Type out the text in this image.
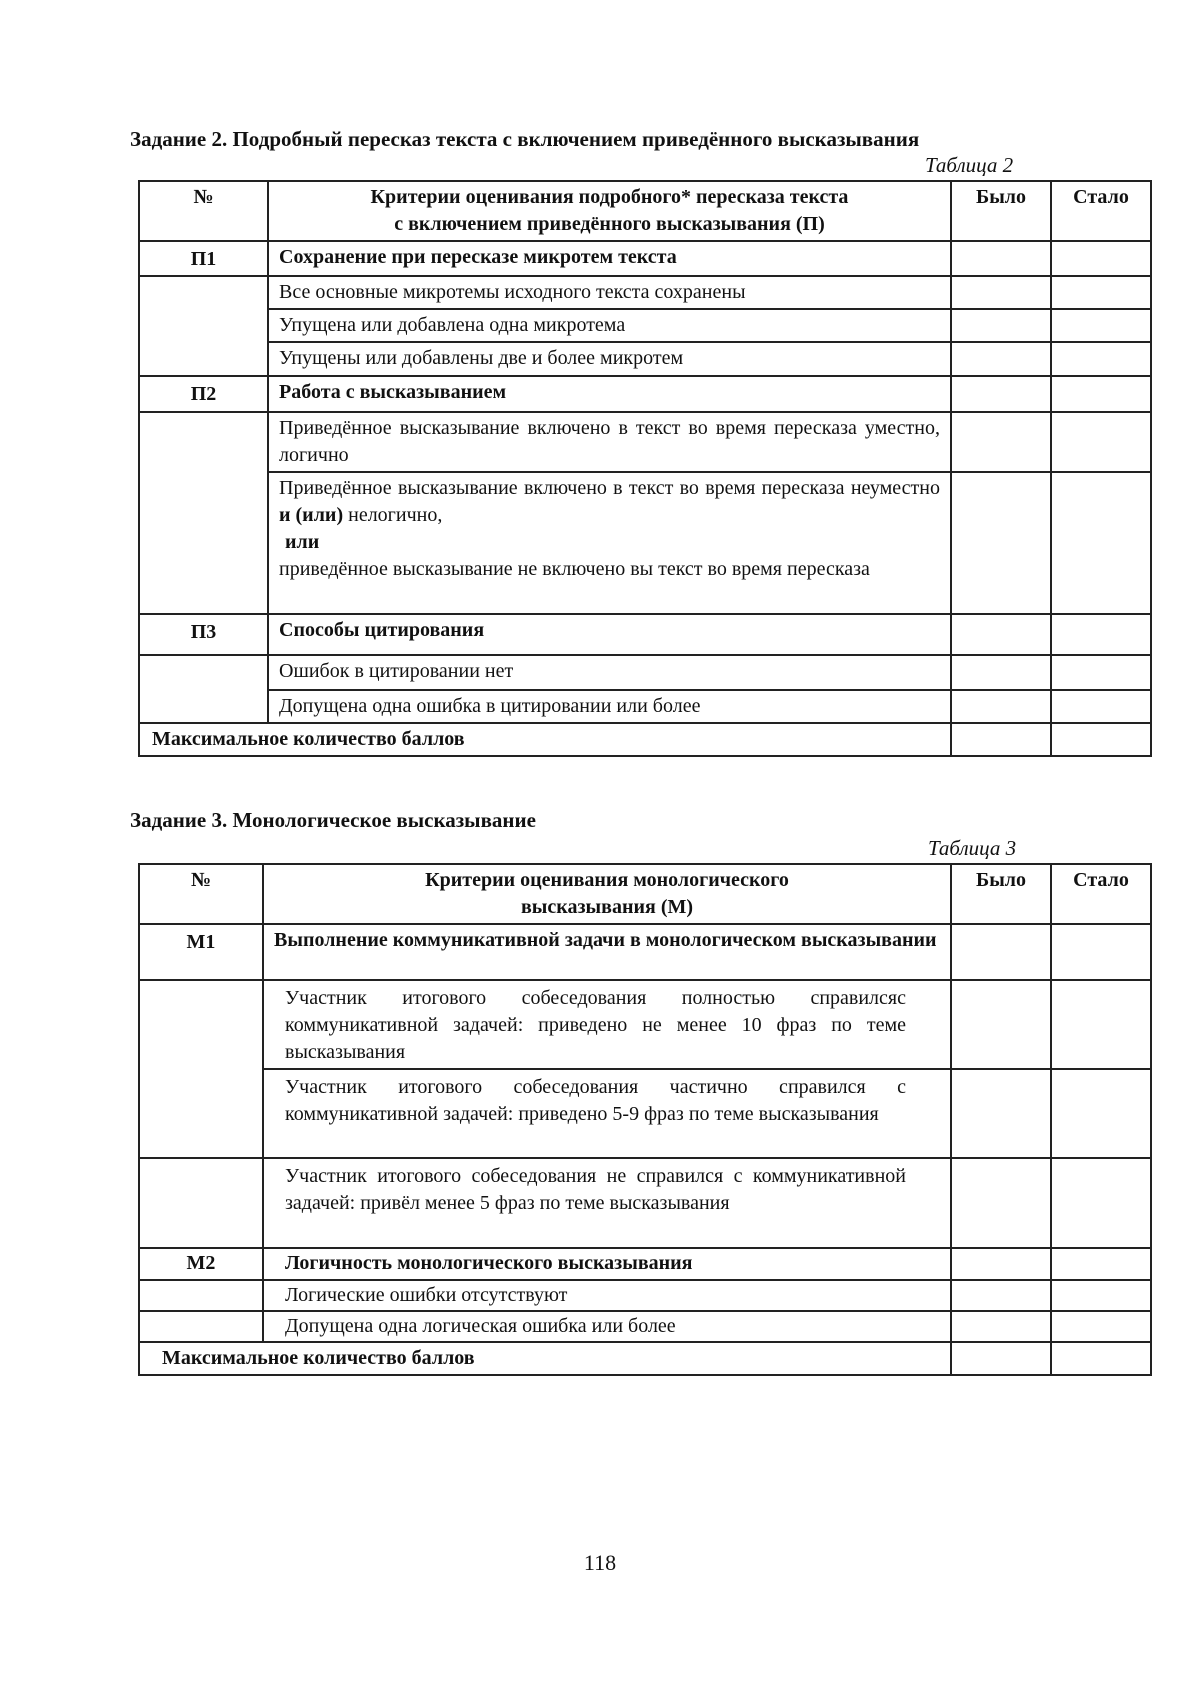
Задание 2. Подробный пересказ текста с включением приведённого высказывания
Таблица 2
№	Критерии оценивания подробного* пересказа текста
с включением приведённого высказывания (П)	Было	Стало
П1	Сохранение при пересказе микротем текста		
	Все основные микротемы исходного текста сохранены		
	Упущена или добавлена одна микротема		
	Упущены или добавлены две и более микротем		
П2	Работа с высказыванием		
	Приведённое высказывание включено в текст во время пересказа уместно, логично		
	Приведённое высказывание включено в текст во время пересказа неуместно и (или) нелогично,
или
приведённое высказывание не включено вы текст во время пересказа		

П3	Способы цитирования		
	Ошибок в цитировании нет		
	Допущена одна ошибка в цитировании или более		
Максимальное количество баллов			
Задание 3. Монологическое высказывание
Таблица 3
№	Критерии оценивания монологического
высказывания (М)	Было	Стало
М1	Выполнение коммуникативной задачи в монологическом высказывании		
	Участник итогового собеседования полностью справилсяс коммуникативной задачей: приведено не менее 10 фраз по теме высказывания		
	Участник итогового собеседования частично справился с коммуникативной задачей: приведено 5-9 фраз по теме высказывания		
	Участник итогового собеседования не справился с коммуникативной задачей: привёл менее 5 фраз по теме высказывания		
М2	Логичность монологического высказывания		
	Логические ошибки отсутствуют		
	Допущена одна логическая ошибка или более		
Максимальное количество баллов			
118
